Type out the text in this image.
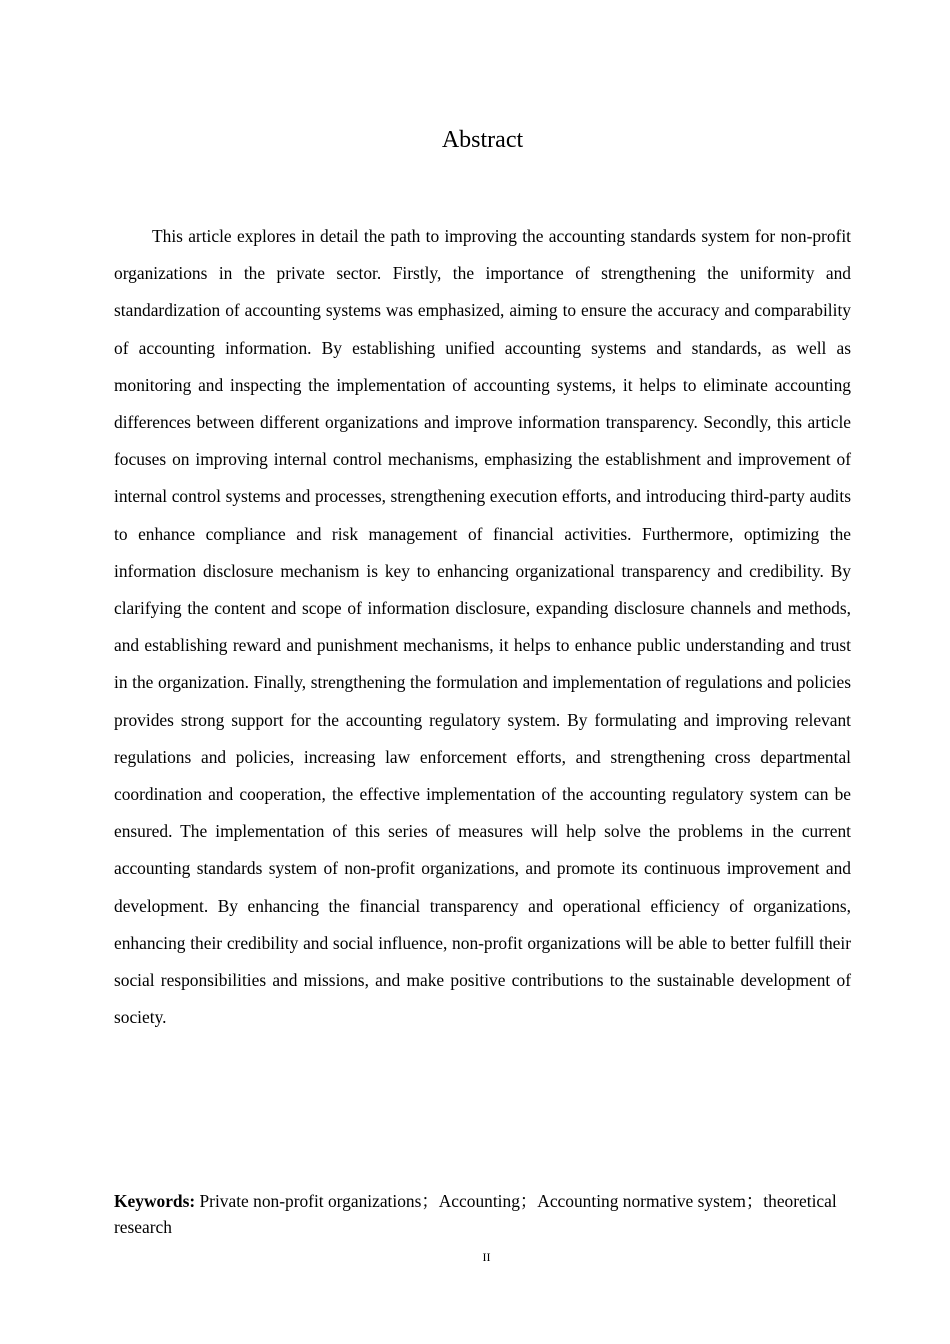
Abstract

This article explores in detail the path to improving the accounting standards system for non-profit organizations in the private sector. Firstly, the importance of strengthening the uniformity and standardization of accounting systems was emphasized, aiming to ensure the accuracy and comparability of accounting information. By establishing unified accounting systems and standards, as well as monitoring and inspecting the implementation of accounting systems, it helps to eliminate accounting differences between different organizations and improve information transparency. Secondly, this article focuses on improving internal control mechanisms, emphasizing the establishment and improvement of internal control systems and processes, strengthening execution efforts, and introducing third-party audits to enhance compliance and risk management of financial activities. Furthermore, optimizing the information disclosure mechanism is key to enhancing organizational transparency and credibility. By clarifying the content and scope of information disclosure, expanding disclosure channels and methods, and establishing reward and punishment mechanisms, it helps to enhance public understanding and trust in the organization. Finally, strengthening the formulation and implementation of regulations and policies provides strong support for the accounting regulatory system. By formulating and improving relevant regulations and policies, increasing law enforcement efforts, and strengthening cross departmental coordination and cooperation, the effective implementation of the accounting regulatory system can be ensured. The implementation of this series of measures will help solve the problems in the current accounting standards system of non-profit organizations, and promote its continuous improvement and development. By enhancing the financial transparency and operational efficiency of organizations, enhancing their credibility and social influence, non-profit organizations will be able to better fulfill their social responsibilities and missions, and make positive contributions to the sustainable development of society.

Keywords: Private non-profit organizations；Accounting；Accounting normative system；theoretical research

II
